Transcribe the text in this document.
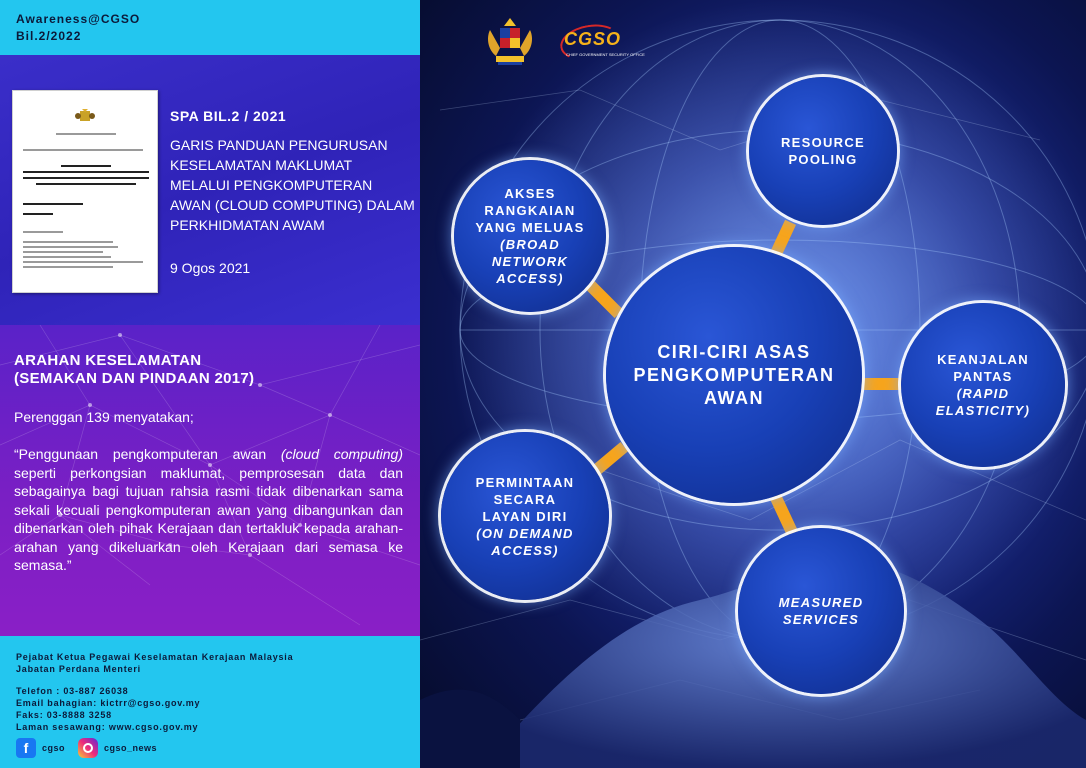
Awareness@CGSO
Bil.2/2022
SPA BIL.2 / 2021
GARIS PANDUAN PENGURUSAN KESELAMATAN MAKLUMAT MELALUI PENGKOMPUTERAN AWAN (CLOUD COMPUTING) DALAM PERKHIDMATAN AWAM
9 Ogos 2021
ARAHAN KESELAMATAN
(SEMAKAN DAN PINDAAN 2017)
Perenggan 139 menyatakan;
“Penggunaan pengkomputeran awan (cloud computing) seperti perkongsian maklumat, pemprosesan data dan sebagainya bagi tujuan rahsia rasmi tidak dibenarkan sama sekali kecuali pengkomputeran awan yang dibangunkan dan dibenarkan oleh pihak Kerajaan dan tertakluk kepada arahan-arahan yang dikeluarkan oleh Kerajaan dari semasa ke semasa.”
Pejabat Ketua Pegawai Keselamatan Kerajaan Malaysia
Jabatan Perdana Menteri
Telefon : 03-887 26038
Email bahagian: kictrr@cgso.gov.my
Faks: 03-8888 3258
Laman sesawang: www.cgso.gov.my
f	cgso	cgso_news
CGSO
CHIEF GOVERNMENT SECURITY OFFICE
RESOURCE
POOLING
AKSES
RANGKAIAN
YANG MELUAS
(BROAD
NETWORK
ACCESS)
CIRI-CIRI ASAS
PENGKOMPUTERAN
AWAN
KEANJALAN
PANTAS
(RAPID
ELASTICITY)
PERMINTAAN
SECARA
LAYAN DIRI
(ON DEMAND
ACCESS)
MEASURED
SERVICES
